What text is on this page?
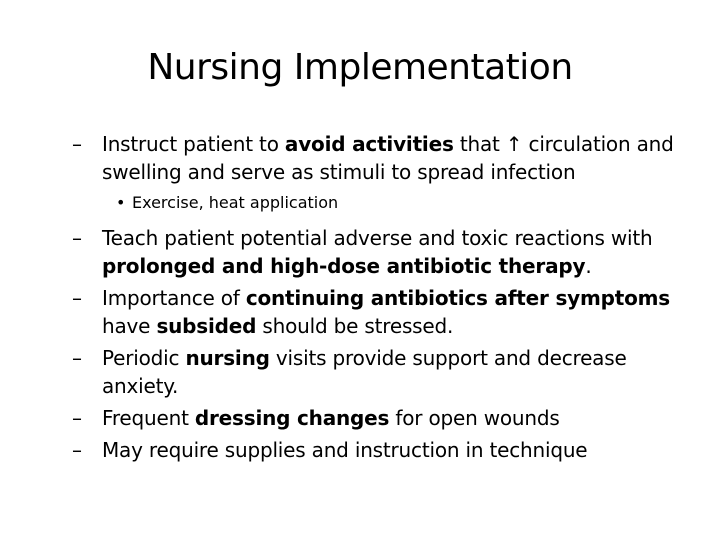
Nursing Implementation
– Instruct patient to avoid activities that ↑ circulation and swelling and serve as stimuli to spread infection
• Exercise, heat application
– Teach patient potential adverse and toxic reactions with prolonged and high-dose antibiotic therapy.
– Importance of continuing antibiotics after symptoms have subsided should be stressed.
– Periodic nursing visits provide support and decrease anxiety.
– Frequent dressing changes for open wounds
– May require supplies and instruction in technique
